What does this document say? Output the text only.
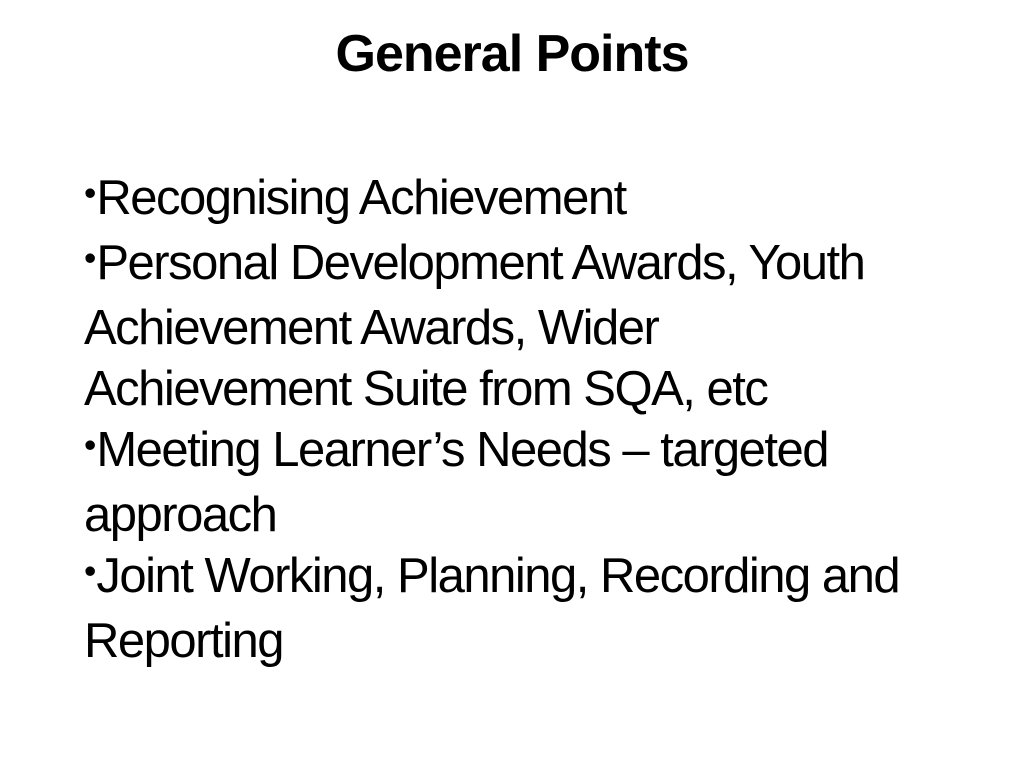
General Points
•Recognising Achievement
•Personal Development Awards, Youth
Achievement Awards, Wider
Achievement Suite from SQA, etc
•Meeting Learner’s Needs – targeted
approach
•Joint Working, Planning, Recording and
Reporting
